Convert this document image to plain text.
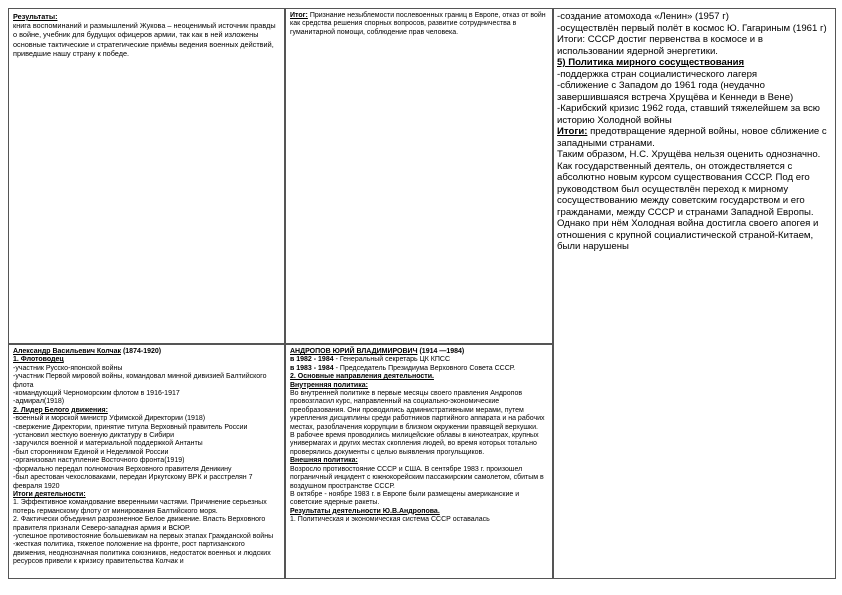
Результаты:
книга воспоминаний и размышлений Жукова – неоценимый источник правды о войне, учебник для будущих офицеров армии, так как в ней изложены основные тактические и стратегические приёмы ведения военных действий, приведшие нашу страну к победе.
Итог: Признание незыблемости послевоенных границ в Европе, отказ от войн как средства решения спорных вопросов, развитие сотрудничества в гуманитарной помощи, соблюдение прав человека.
-создание атомохода «Ленин» (1957 г)
-осуществлён первый полёт в космос Ю. Гагариным (1961 г)
Итоги: СССР достиг первенства в космосе и в использовании ядерной энергетики.
5) Политика мирного сосуществования
-поддержка стран социалистического лагеря
-сближение с Западом до 1961 года (неудачно завершившаяся встреча Хрущёва и Кеннеди в Вене)
-Карибский кризис 1962 года, ставший тяжелейшем за всю историю Холодной войны
Итоги: предотвращение ядерной войны, новое сближение с западными странами.
Таким образом, Н.С. Хрущёва нельзя оценить однозначно. Как государственный деятель, он отождествляется с абсолютно новым курсом существования СССР. Под его руководством был осуществлён переход к мирному сосуществованию между советским государством и его гражданами, между СССР и странами Западной Европы. Однако при нём Холодная война достигла своего апогея и отношения с крупной социалистической страной-Китаем, были нарушены
Александр Васильевич Колчак (1874-1920)
1. Флотоводец
-участник Русско-японской войны
-участник Первой мировой войны, командовал минной дивизией Балтийского флота
-командующий Черноморским флотом в 1916-1917
-адмирал(1918)
2. Лидер Белого движения:
-военный и морской министр Уфимской Директории (1918)
-свержение Директории, принятие титула Верховный правитель России
-установил жесткую военную диктатуру в Сибири
-заручился военной и материальной поддержкой Антанты
-был сторонником Единой и Неделимой России
-организовал наступление Восточного фронта(1919)
-формально передал полномочия Верховного правителя Деникину
-был арестован чехословаками, передан Иркутскому ВРК и расстрелян 7 февраля 1920
Итоги деятельности:
1. Эффективное командование вверенными частями. Причинение серьезных потерь германскому флоту от минирования Балтийского моря.
2. Фактически объединил разрозненное Белое движение. Власть Верховного правителя признали Северо-западная армия и ВСЮР.
-успешное противостояние большевикам на первых этапах Гражданской войны
-жесткая политика, тяжелое положение на фронте, рост партизанского движения, неоднозначная политика союзников, недостаток военных и людских ресурсов привели к кризису правительства Колчак и
АНДРОПОВ ЮРИЙ ВЛАДИМИРОВИЧ (1914 —1984)
в 1982 - 1984 - Генеральный секретарь ЦК КПСС
в 1983 - 1984 - Председатель Президиума Верховного Совета СССР.
2. Основные направления деятельности.
Внутренняя политика:
Во внутренней политике в первые месяцы своего правления Андропов провозгласил курс, направленный на социально-экономические преобразования. Они проводились административными мерами, путем укрепления дисциплины среди работников партийного аппарата и на рабочих местах, разоблачения коррупции в близком окружении правящей верхушки.
В рабочее время проводились милицейские облавы в кинотеатрах, крупных универмагах и других местах скопления людей, во время которых тотально проверялись документы с целью выявления прогульщиков.
Внешняя политика:
Возросло противостояние СССР и США. В сентябре 1983 г. произошел пограничный инцидент с южнокорейским пассажирским самолетом, сбитым в воздушном пространстве СССР.
В октябре - ноябре 1983 г. в Европе были размещены американские и советские ядерные ракеты.
Результаты деятельности Ю.В.Андропова.
1. Политическая и экономическая система СССР оставалась
